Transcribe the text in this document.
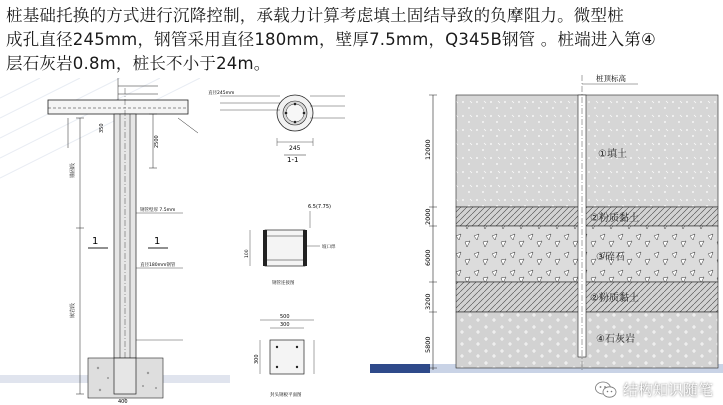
桩基础托换的方式进行沉降控制，承载力计算考虑填土固结导致的负摩阻力。微型桩
成孔直径245mm，钢管采用直径180mm，壁厚7.5mm，Q345B钢管 。桩端进入第④
层石灰岩0.8m，桩长不小于24m。
锚固段
嵌岩段
2500
350
1	1
钢管壁厚 7.5mm
直径180mm钢管
400
直径245mm
245
1-1
100
6.5(7.75)
坡口焊
钢管连接图
300
500
300
封头钢板平面图
桩顶标高
12000
2000
6000
3200
5800
①填土
②粉质黏土
③碎石
②粉质黏土
④石灰岩
结构知识随笔
